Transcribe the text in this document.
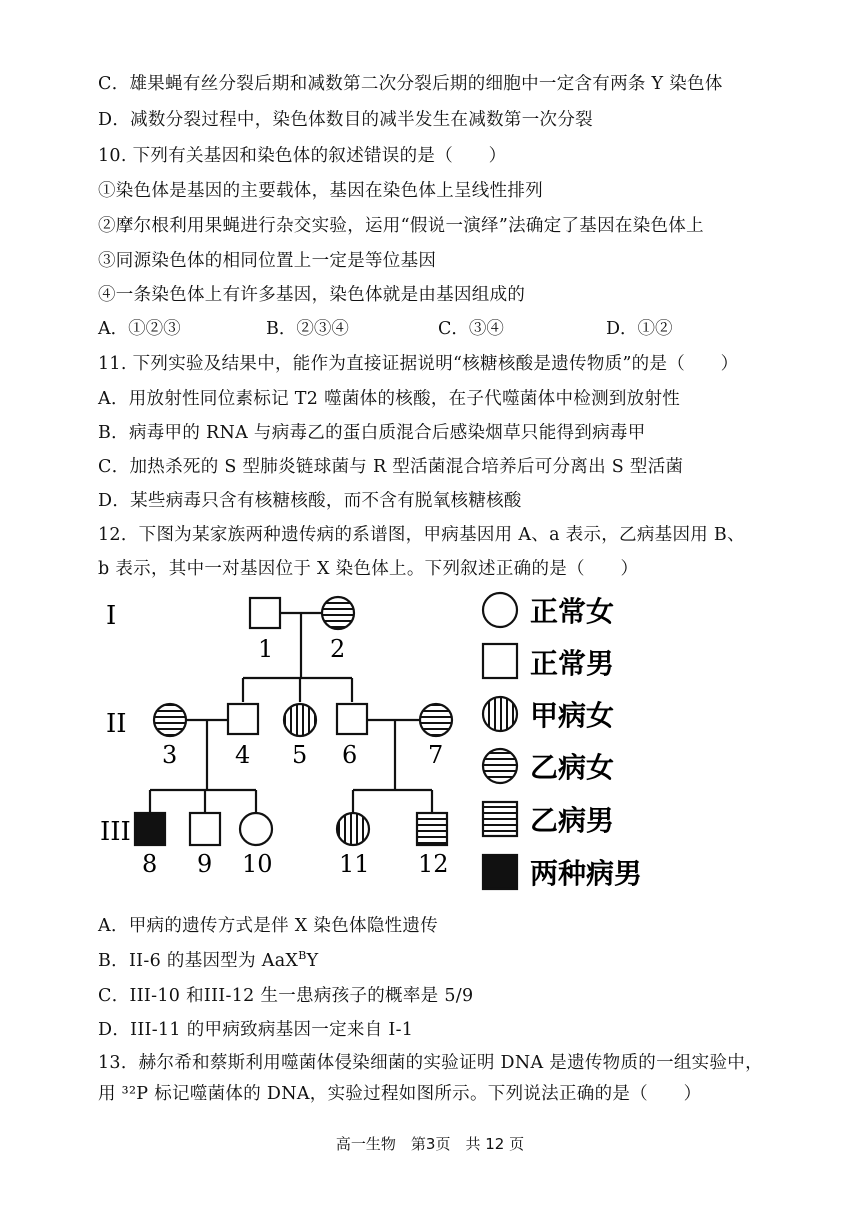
C．雄果蝇有丝分裂后期和减数第二次分裂后期的细胞中一定含有两条 Y 染色体
D．减数分裂过程中，染色体数目的减半发生在减数第一次分裂
10. 下列有关基因和染色体的叙述错误的是（　　）
①染色体是基因的主要载体，基因在染色体上呈线性排列
②摩尔根利用果蝇进行杂交实验，运用“假说一演绎”法确定了基因在染色体上
③同源染色体的相同位置上一定是等位基因
④一条染色体上有许多基因，染色体就是由基因组成的
A．①②③	B．②③④	C．③④	D．①②
11. 下列实验及结果中，能作为直接证据说明“核糖核酸是遗传物质”的是（　　）
A．用放射性同位素标记 T2 噬菌体的核酸，在子代噬菌体中检测到放射性
B．病毒甲的 RNA 与病毒乙的蛋白质混合后感染烟草只能得到病毒甲
C．加热杀死的 S 型肺炎链球菌与 R 型活菌混合培养后可分离出 S 型活菌
D．某些病毒只含有核糖核酸，而不含有脱氧核糖核酸
12．下图为某家族两种遗传病的系谱图，甲病基因用 A、a 表示，乙病基因用 B、
b 表示，其中一对基因位于 X 染色体上。下列叙述正确的是（　　）
I
II
III
1 2
3 4 5 6	7
8 9 10	11 12
正常女
正常男
甲病女
乙病女
乙病男
两种病男
A．甲病的遗传方式是伴 X 染色体隐性遗传
B．II-6 的基因型为 AaX$^B$Y
C．III-10 和III-12 生一患病孩子的概率是 5/9
D．III-11 的甲病致病基因一定来自 I-1
13．赫尔希和蔡斯利用噬菌体侵染细菌的实验证明 DNA 是遗传物质的一组实验中，
用 ³²P 标记噬菌体的 DNA，实验过程如图所示。下列说法正确的是（　　）
高一生物　第3页　共 12 页
